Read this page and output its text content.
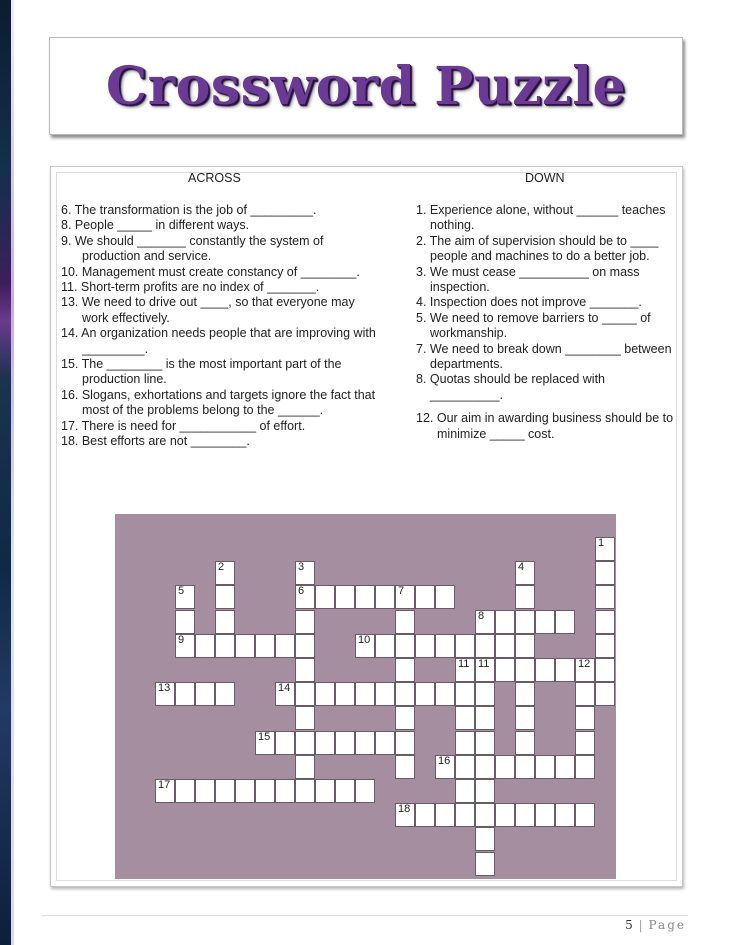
Crossword Puzzle
ACROSS	DOWN
6. The transformation is the job of _________.
8. People _____ in different ways.
9. We should _______ constantly the system of production and service.
10. Management must create constancy of ________.
11. Short-term profits are no index of _______.
13. We need to drive out ____, so that everyone may work effectively.
14. An organization needs people that are improving with _________.
15. The ________ is the most important part of the production line.
16. Slogans, exhortations and targets ignore the fact that most of the problems belong to the ______.
17. There is need for ___________ of effort.
18. Best efforts are not ________.
1. Experience alone, without ______ teaches nothing.
2. The aim of supervision should be to ____ people and machines to do a better job.
3. We must cease __________ on mass inspection.
4. Inspection does not improve _______.
5. We need to remove barriers to _____ of workmanship.
7. We need to break down ________ between departments.
8. Quotas should be replaced with __________.
12. Our aim in awarding business should be to minimize _____ cost.
1
2	3
6
4
5
9
7
8
11	12
11
10
13	14
15
16
17
18
5 | Page
